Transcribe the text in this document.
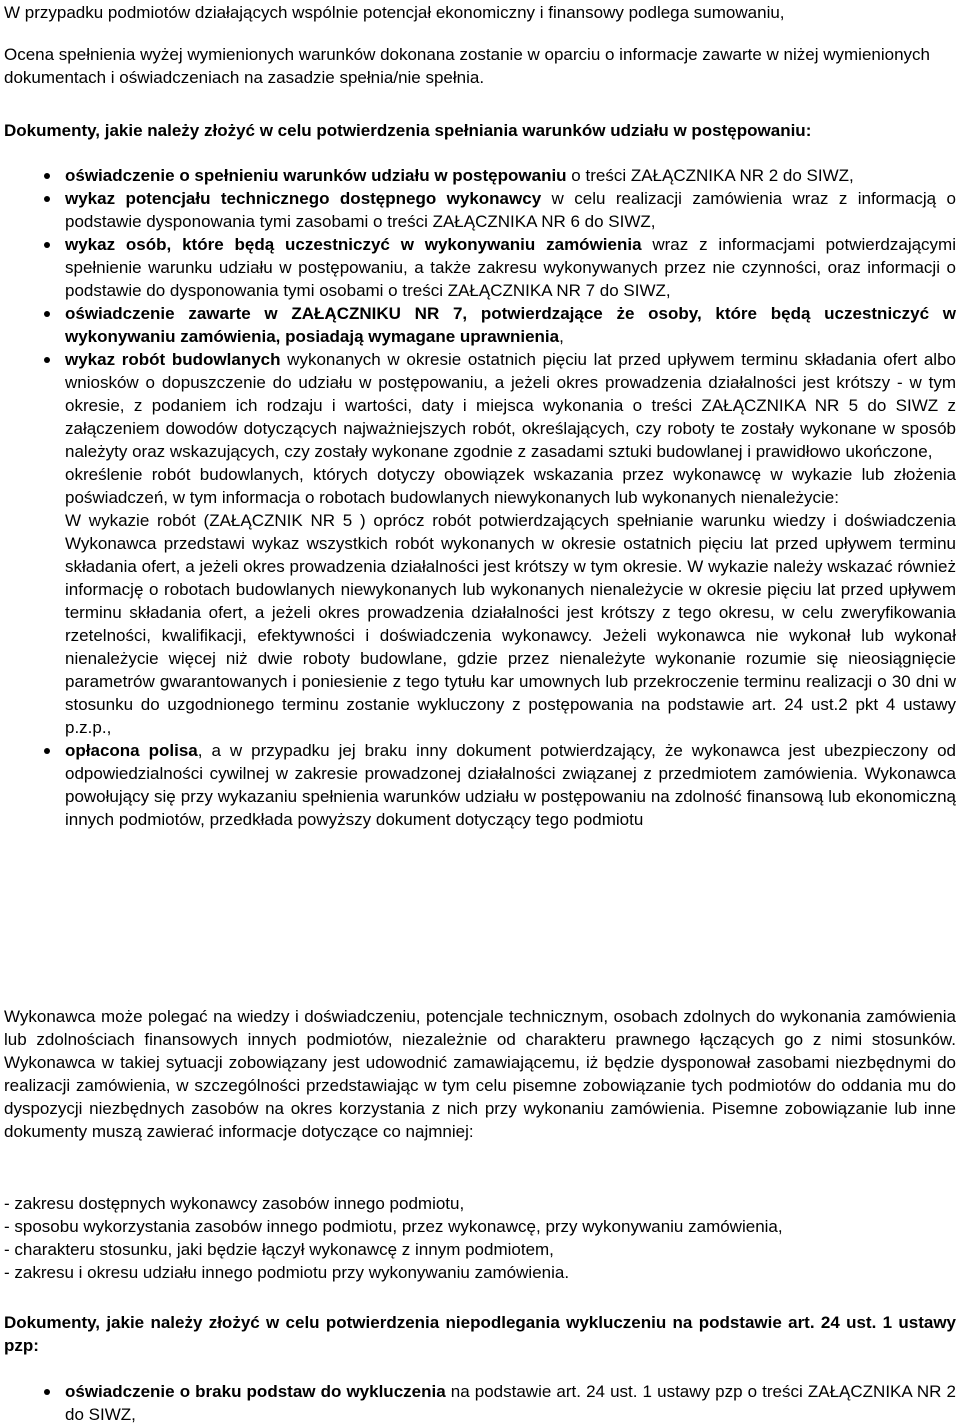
W przypadku podmiotów działających wspólnie potencjał ekonomiczny i finansowy podlega sumowaniu,

Ocena spełnienia wyżej wymienionych warunków dokonana zostanie w oparciu o informacje zawarte w niżej wymienionych dokumentach i oświadczeniach na zasadzie spełnia/nie spełnia.

Dokumenty, jakie należy złożyć w celu potwierdzenia spełniania warunków udziału w postępowaniu:

oświadczenie o spełnieniu warunków udziału w postępowaniu o treści ZAŁĄCZNIKA NR 2 do SIWZ,
wykaz potencjału technicznego dostępnego wykonawcy w celu realizacji zamówienia wraz z informacją o podstawie dysponowania tymi zasobami o treści ZAŁĄCZNIKA NR 6 do SIWZ,
wykaz osób, które będą uczestniczyć w wykonywaniu zamówienia wraz z informacjami potwierdzającymi spełnienie warunku udziału w postępowaniu, a także zakresu wykonywanych przez nie czynności, oraz informacji o podstawie do dysponowania tymi osobami o treści ZAŁĄCZNIKA NR 7 do SIWZ,
oświadczenie zawarte w ZAŁĄCZNIKU NR 7, potwierdzające że osoby, które będą uczestniczyć w wykonywaniu zamówienia, posiadają wymagane uprawnienia,
wykaz robót budowlanych wykonanych w okresie ostatnich pięciu lat przed upływem terminu składania ofert albo wniosków o dopuszczenie do udziału w postępowaniu, a jeżeli okres prowadzenia działalności jest krótszy - w tym okresie, z podaniem ich rodzaju i wartości, daty i miejsca wykonania o treści ZAŁĄCZNIKA NR 5 do SIWZ z załączeniem dowodów dotyczących najważniejszych robót, określających, czy roboty te zostały wykonane w sposób należyty oraz wskazujących, czy zostały wykonane zgodnie z zasadami sztuki budowlanej i prawidłowo ukończone,
określenie robót budowlanych, których dotyczy obowiązek wskazania przez wykonawcę w wykazie lub złożenia poświadczeń, w tym informacja o robotach budowlanych niewykonanych lub wykonanych nienależycie:
W wykazie robót (ZAŁĄCZNIK NR 5 ) oprócz robót potwierdzających spełnianie warunku wiedzy i doświadczenia Wykonawca przedstawi wykaz wszystkich robót wykonanych w okresie ostatnich pięciu lat przed upływem terminu składania ofert, a jeżeli okres prowadzenia działalności jest krótszy w tym okresie. W wykazie należy wskazać również informację o robotach budowlanych niewykonanych lub wykonanych nienależycie w okresie pięciu lat przed upływem terminu składania ofert, a jeżeli okres prowadzenia działalności jest krótszy z tego okresu, w celu zweryfikowania rzetelności, kwalifikacji, efektywności i doświadczenia wykonawcy. Jeżeli wykonawca nie wykonał lub wykonał nienależycie więcej niż dwie roboty budowlane, gdzie przez nienależyte wykonanie rozumie się nieosiągnięcie parametrów gwarantowanych i poniesienie z tego tytułu kar umownych lub przekroczenie terminu realizacji o 30 dni w stosunku do uzgodnionego terminu zostanie wykluczony z postępowania na podstawie art. 24 ust.2 pkt 4 ustawy p.z.p.,
opłacona polisa, a w przypadku jej braku inny dokument potwierdzający, że wykonawca jest ubezpieczony od odpowiedzialności cywilnej w zakresie prowadzonej działalności związanej z przedmiotem zamówienia. Wykonawca powołujący się przy wykazaniu spełnienia warunków udziału w postępowaniu na zdolność finansową lub ekonomiczną innych podmiotów, przedkłada powyższy dokument dotyczący tego podmiotu

Wykonawca może polegać na wiedzy i doświadczeniu, potencjale technicznym, osobach zdolnych do wykonania zamówienia lub zdolnościach finansowych innych podmiotów, niezależnie od charakteru prawnego łączących go z nimi stosunków. Wykonawca w takiej sytuacji zobowiązany jest udowodnić zamawiającemu, iż będzie dysponował zasobami niezbędnymi do realizacji zamówienia, w szczególności przedstawiając w tym celu pisemne zobowiązanie tych podmiotów do oddania mu do dyspozycji niezbędnych zasobów na okres korzystania z nich przy wykonaniu zamówienia. Pisemne zobowiązanie lub inne dokumenty muszą zawierać informacje dotyczące co najmniej:

- zakresu dostępnych wykonawcy zasobów innego podmiotu,
- sposobu wykorzystania zasobów innego podmiotu, przez wykonawcę, przy wykonywaniu zamówienia,
- charakteru stosunku, jaki będzie łączył wykonawcę z innym podmiotem,
- zakresu i okresu udziału innego podmiotu przy wykonywaniu zamówienia.

Dokumenty, jakie należy złożyć w celu potwierdzenia niepodlegania wykluczeniu na podstawie art. 24 ust. 1 ustawy pzp:

oświadczenie o braku podstaw do wykluczenia na podstawie art. 24 ust. 1 ustawy pzp o treści ZAŁĄCZNIKA NR 2 do SIWZ,
